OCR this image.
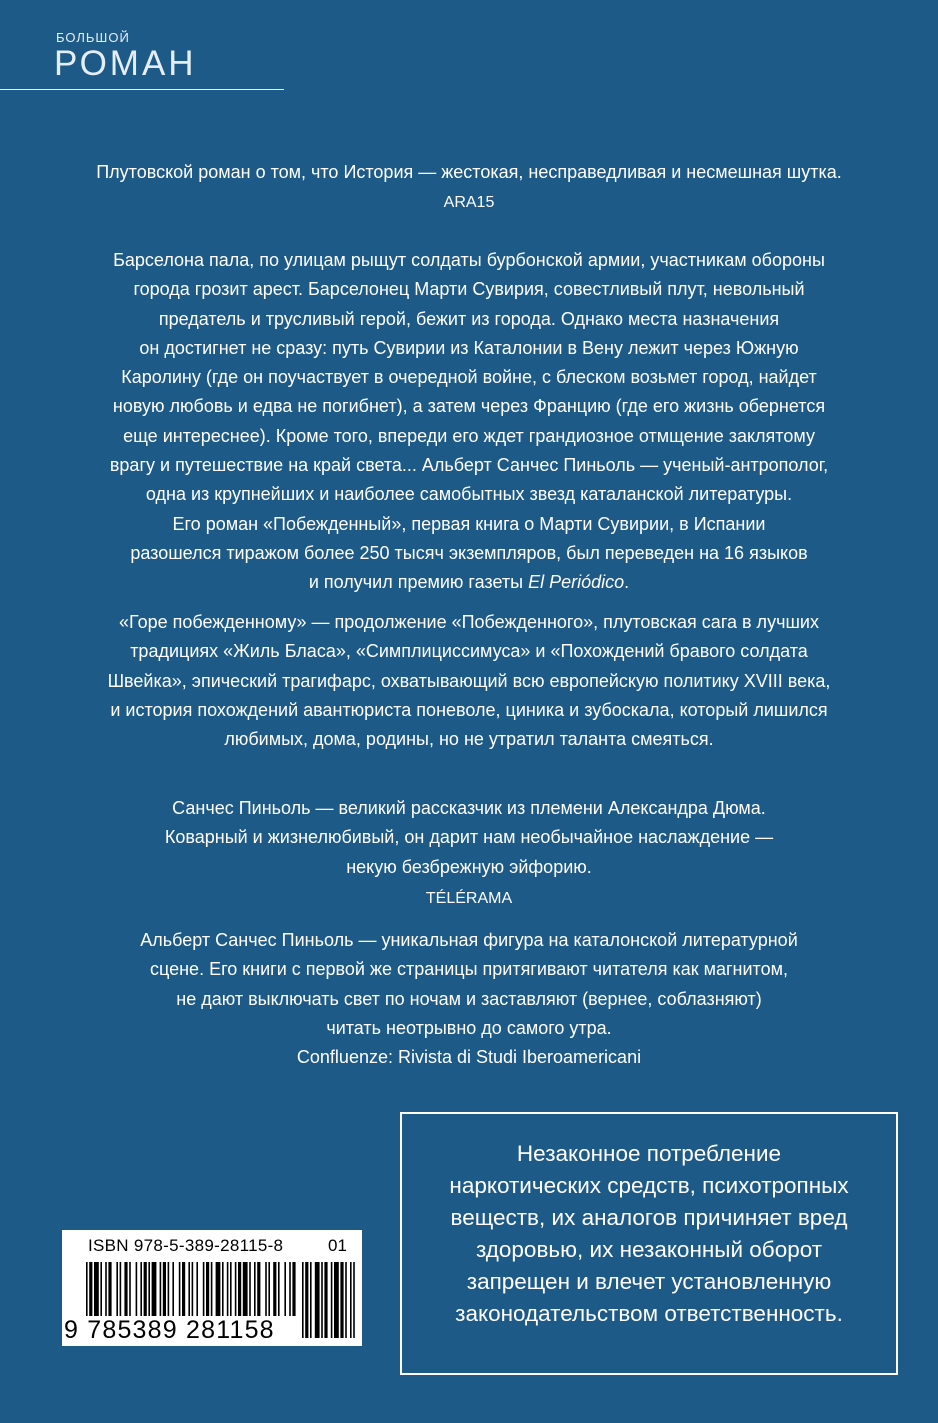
БОЛЬШОЙ
РОМАН
Плутовской роман о том, что История — жестокая, несправедливая и несмешная шутка.
ARA15

Барселона пала, по улицам рыщут солдаты бурбонской армии, участникам обороны

города грозит арест. Барселонец Марти Сувирия, совестливый плут, невольный

предатель и трусливый герой, бежит из города. Однако места назначения

он достигнет не сразу: путь Сувирии из Каталонии в Вену лежит через Южную

Каролину (где он поучаствует в очередной войне, с блеском возьмет город, найдет

новую любовь и едва не погибнет), а затем через Францию (где его жизнь обернется

еще интереснее). Кроме того, впереди его ждет грандиозное отмщение заклятому

врагу и путешествие на край света... Альберт Санчес Пиньоль — ученый-антрополог,

одна из крупнейших и наиболее самобытных звезд каталанской литературы.

Его роман «Побежденный», первая книга о Марти Сувирии, в Испании

разошелся тиражом более 250 тысяч экземпляров, был переведен на 16 языков

и получил премию газеты El Periódico.

«Горе побежденному» — продолжение «Побежденного», плутовская сага в лучших

традициях «Жиль Бласа», «Симплициссимуса» и «Похождений бравого солдата

Швейка», эпический трагифарс, охватывающий всю европейскую политику XVIII века,

и история похождений авантюриста поневоле, циника и зубоскала, который лишился

любимых, дома, родины, но не утратил таланта смеяться.

Санчес Пиньоль — великий рассказчик из племени Александра Дюма.

Коварный и жизнелюбивый, он дарит нам необычайное наслаждение —

некую безбрежную эйфорию.

TÉLÉRAMA

Альберт Санчес Пиньоль — уникальная фигура на каталонской литературной

сцене. Его книги с первой же страницы притягивают читателя как магнитом,

не дают выключать свет по ночам и заставляют (вернее, соблазняют)

читать неотрывно до самого утра.

Confluenze: Rivista di Studi Iberoamericani

Незаконное потребление
наркотических средств, психотропных
веществ, их аналогов причиняет вред
здоровью, их незаконный оборот
запрещен и влечет установленную
законодательством ответственность.
ISBN 978-5-389-28115-8	01
9 785389 281158
